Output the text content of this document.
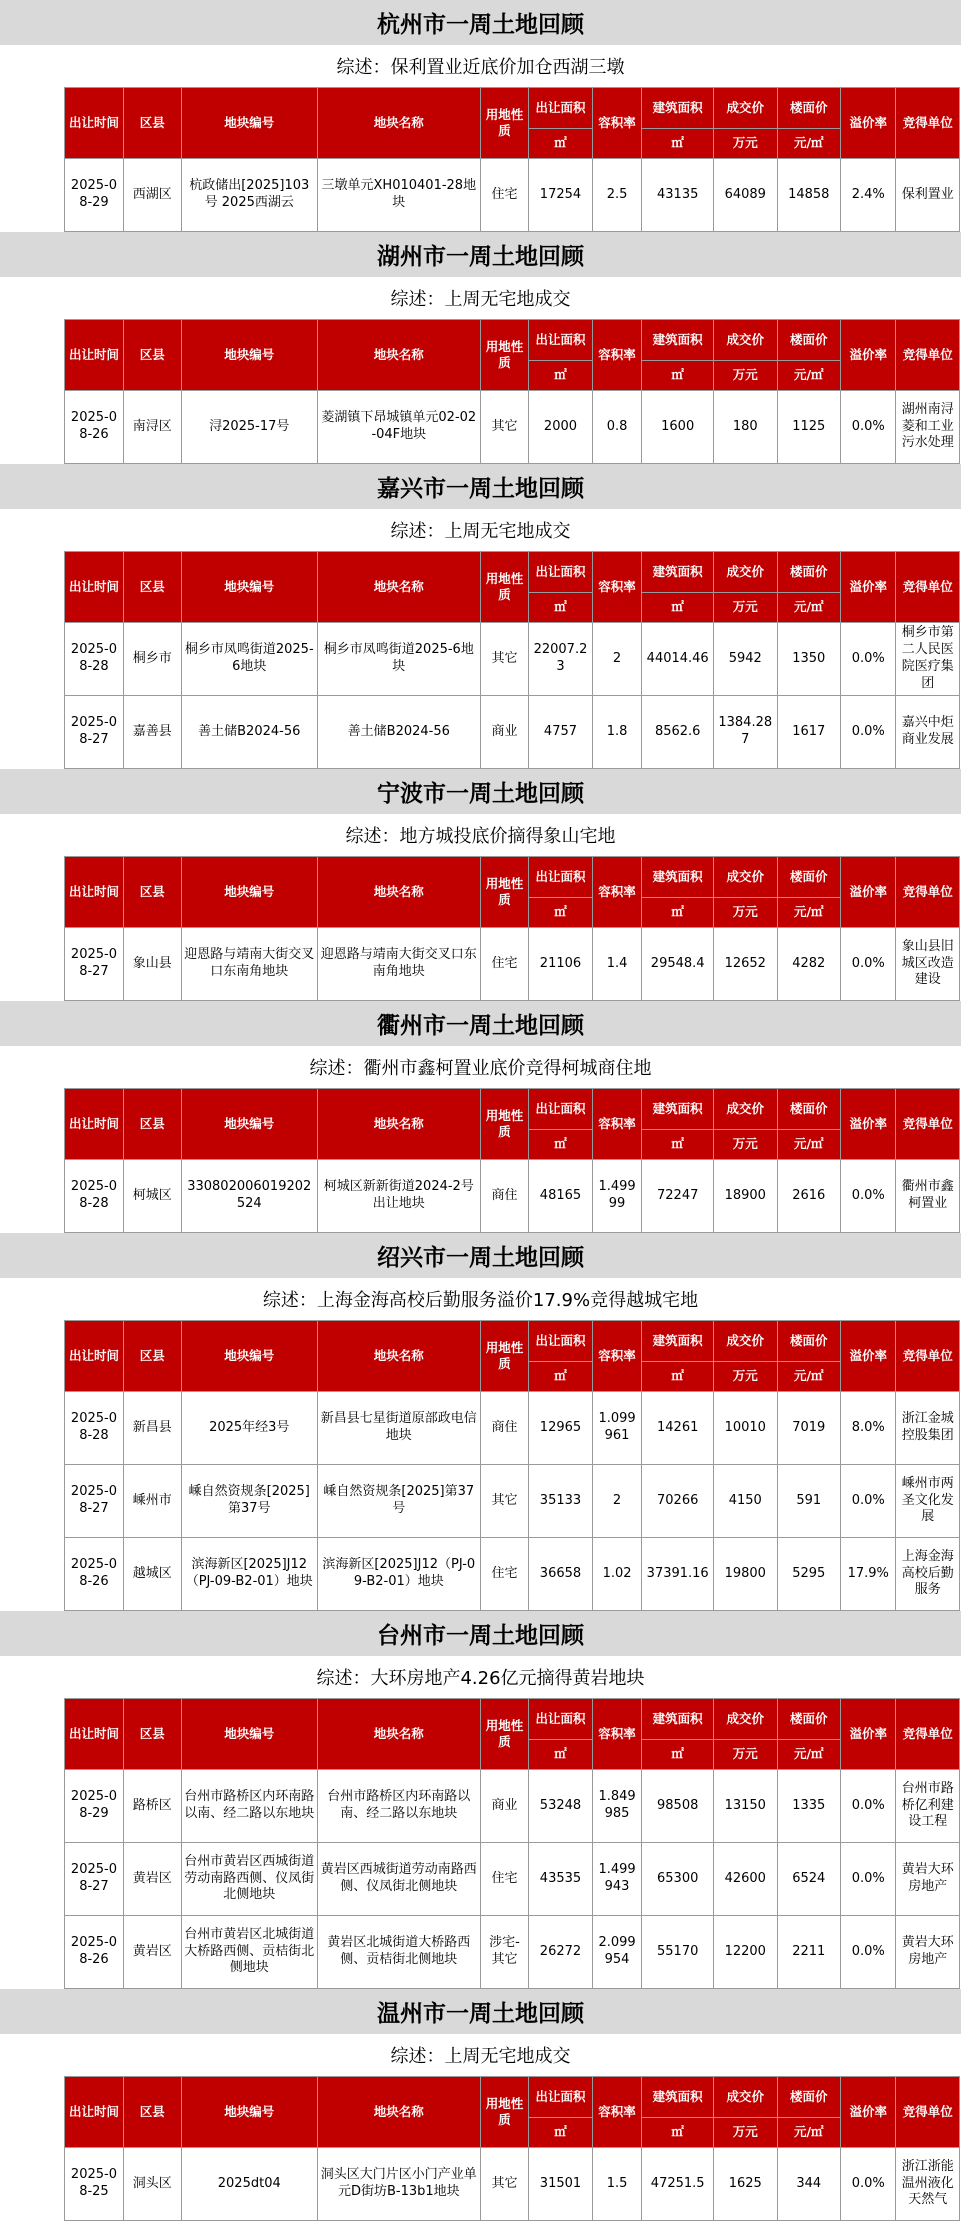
杭州市一周土地回顾
综述：保利置业近底价加仓西湖三墩
出让时间	区县	地块编号	地块名称	用地性质	出让面积	容积率	建筑面积	成交价	楼面价	溢价率	竞得单位
					㎡		㎡	万元	元/㎡		
2025-08-29	西湖区	杭政储出[2025]103号 2025西湖云	三墩单元XH010401-28地块	住宅	17254	2.5	43135	64089	14858	2.4%	保利置业
湖州市一周土地回顾
综述：上周无宅地成交
出让时间	区县	地块编号	地块名称	用地性质	出让面积	容积率	建筑面积	成交价	楼面价	溢价率	竞得单位
					㎡		㎡	万元	元/㎡		
2025-08-26	南浔区	浔2025-17号	菱湖镇下昂城镇单元02-02-04F地块	其它	2000	0.8	1600	180	1125	0.0%	湖州南浔菱和工业污水处理
嘉兴市一周土地回顾
综述：上周无宅地成交
出让时间	区县	地块编号	地块名称	用地性质	出让面积	容积率	建筑面积	成交价	楼面价	溢价率	竞得单位
					㎡		㎡	万元	元/㎡		
2025-08-28	桐乡市	桐乡市凤鸣街道2025-6地块	桐乡市凤鸣街道2025-6地块	其它	22007.23	2	44014.46	5942	1350	0.0%	桐乡市第二人民医院医疗集团
2025-08-27	嘉善县	善土储B2024-56	善土储B2024-56	商业	4757	1.8	8562.6	1384.287	1617	0.0%	嘉兴中炬商业发展
宁波市一周土地回顾
综述：地方城投底价摘得象山宅地
出让时间	区县	地块编号	地块名称	用地性质	出让面积	容积率	建筑面积	成交价	楼面价	溢价率	竞得单位
					㎡		㎡	万元	元/㎡		
2025-08-27	象山县	迎恩路与靖南大街交叉口东南角地块	迎恩路与靖南大街交叉口东南角地块	住宅	21106	1.4	29548.4	12652	4282	0.0%	象山县旧城区改造建设
衢州市一周土地回顾
综述：衢州市鑫柯置业底价竞得柯城商住地
出让时间	区县	地块编号	地块名称	用地性质	出让面积	容积率	建筑面积	成交价	楼面价	溢价率	竞得单位
					㎡		㎡	万元	元/㎡		
2025-08-28	柯城区	330802006019202524	柯城区新新街道2024-2号出让地块	商住	48165	1.49999	72247	18900	2616	0.0%	衢州市鑫柯置业
绍兴市一周土地回顾
综述：上海金海高校后勤服务溢价17.9%竞得越城宅地
出让时间	区县	地块编号	地块名称	用地性质	出让面积	容积率	建筑面积	成交价	楼面价	溢价率	竞得单位
					㎡		㎡	万元	元/㎡		
2025-08-28	新昌县	2025年经3号	新昌县七星街道原部政电信地块	商住	12965	1.099961	14261	10010	7019	8.0%	浙江金城控股集团
2025-08-27	嵊州市	嵊自然资规条[2025]第37号	嵊自然资规条[2025]第37号	其它	35133	2	70266	4150	591	0.0%	嵊州市两圣文化发展
2025-08-26	越城区	滨海新区[2025]J12（PJ-09-B2-01）地块	滨海新区[2025]J12（PJ-09-B2-01）地块	住宅	36658	1.02	37391.16	19800	5295	17.9%	上海金海高校后勤服务
台州市一周土地回顾
综述：大环房地产4.26亿元摘得黄岩地块
出让时间	区县	地块编号	地块名称	用地性质	出让面积	容积率	建筑面积	成交价	楼面价	溢价率	竞得单位
					㎡		㎡	万元	元/㎡		
2025-08-29	路桥区	台州市路桥区内环南路以南、经二路以东地块	台州市路桥区内环南路以南、经二路以东地块	商业	53248	1.849985	98508	13150	1335	0.0%	台州市路桥亿利建设工程
2025-08-27	黄岩区	台州市黄岩区西城街道劳动南路西侧、仪凤街北侧地块	黄岩区西城街道劳动南路西侧、仪凤街北侧地块	住宅	43535	1.499943	65300	42600	6524	0.0%	黄岩大环房地产
2025-08-26	黄岩区	台州市黄岩区北城街道大桥路西侧、贡桔街北侧地块	黄岩区北城街道大桥路西侧、贡桔街北侧地块	涉宅-其它	26272	2.099954	55170	12200	2211	0.0%	黄岩大环房地产
温州市一周土地回顾
综述：上周无宅地成交
出让时间	区县	地块编号	地块名称	用地性质	出让面积	容积率	建筑面积	成交价	楼面价	溢价率	竞得单位
					㎡		㎡	万元	元/㎡		
2025-08-25	洞头区	2025dt04	洞头区大门片区小门产业单元D街坊B-13b1地块	其它	31501	1.5	47251.5	1625	344	0.0%	浙江浙能温州液化天然气
